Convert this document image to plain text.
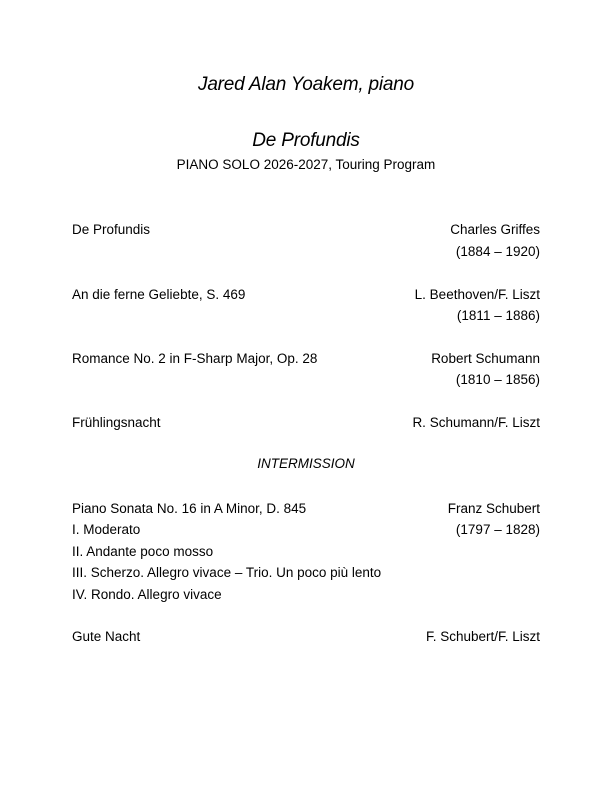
Jared Alan Yoakem, piano
De Profundis
PIANO SOLO 2026-2027, Touring Program
De Profundis	Charles Griffes
(1884 – 1920)
An die ferne Geliebte, S. 469	L. Beethoven/F. Liszt
(1811 – 1886)
Romance No. 2 in F-Sharp Major, Op. 28	Robert Schumann
(1810 – 1856)
Frühlingsnacht	R. Schumann/F. Liszt
INTERMISSION
Piano Sonata No. 16 in A Minor, D. 845	Franz Schubert
I. Moderato	(1797 – 1828)
II. Andante poco mosso
III. Scherzo. Allegro vivace – Trio. Un poco più lento
IV. Rondo. Allegro vivace
Gute Nacht	F. Schubert/F. Liszt
